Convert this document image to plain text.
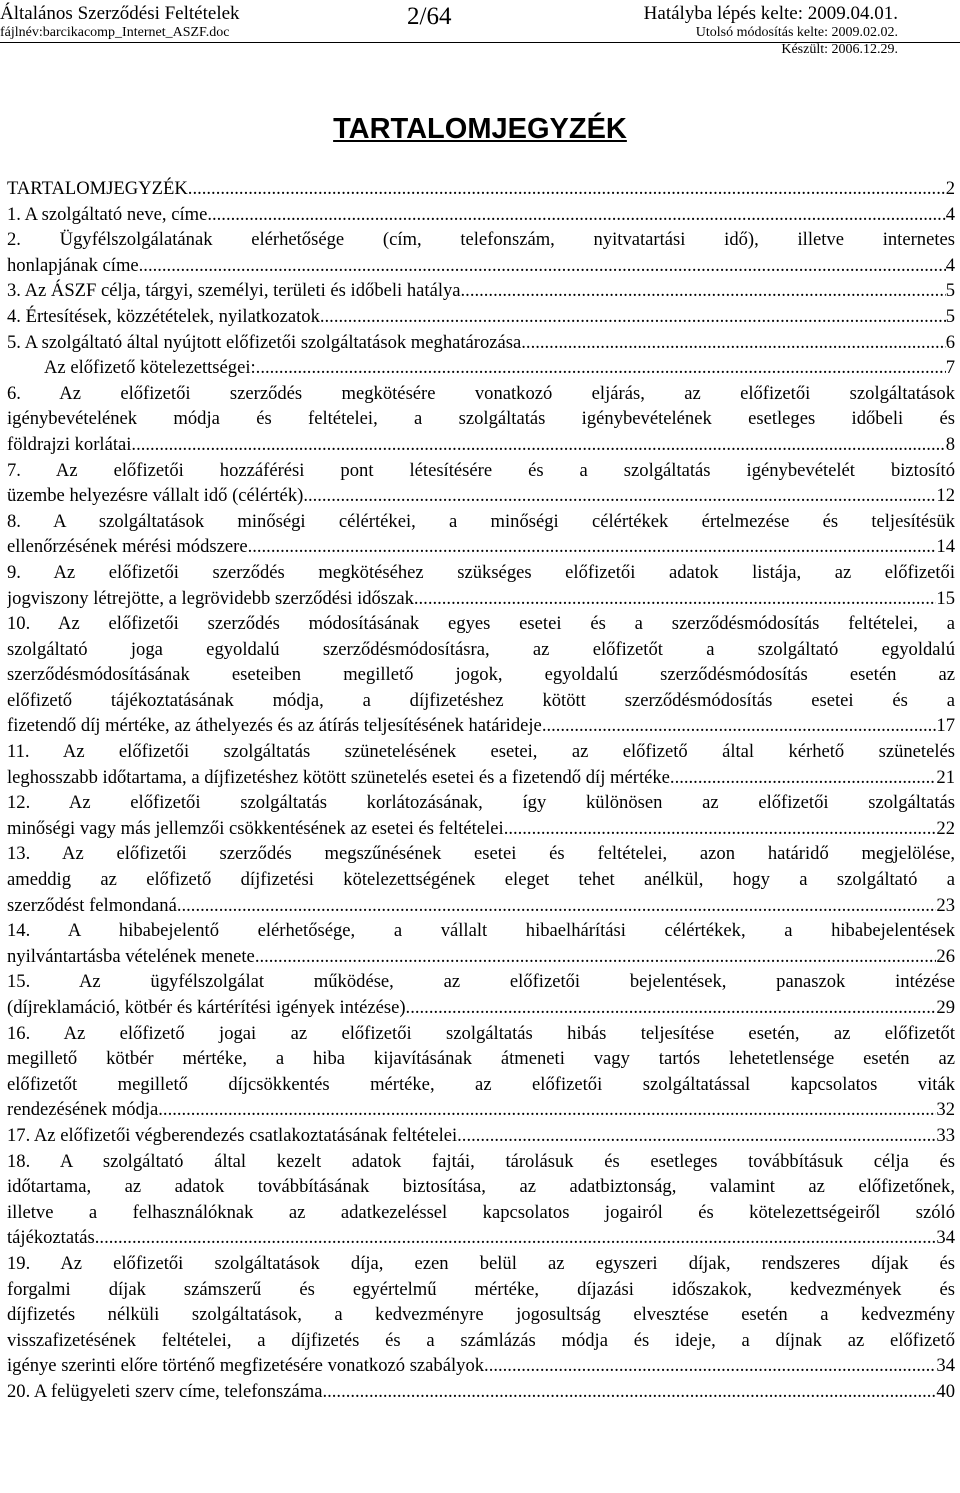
Általános Szerződési Feltételek
fájlnév:barcikacomp_Internet_ASZF.doc
2/64	Hatályba lépés kelte: 2009.04.01.
Utolsó módosítás kelte: 2009.02.02.
Készült: 2006.12.29.
TARTALOMJEGYZÉK
TARTALOMJEGYZÉK .....	2
1. A szolgáltató neve, címe .....	4
2. Ügyfélszolgálatának elérhetősége (cím, telefonszám, nyitvatartási idő), illetve internetes
honlapjának címe .....	4
3. Az ÁSZF célja, tárgyi, személyi, területi és időbeli hatálya .....	5
4. Értesítések, közzétételek, nyilatkozatok .....	5
5. A szolgáltató által nyújtott előfizetői szolgáltatások meghatározása .....	6
Az előfizető kötelezettségei: .....	7
6. Az előfizetői szerződés megkötésére vonatkozó eljárás, az előfizetői szolgáltatások
igénybevételének módja és feltételei, a szolgáltatás igénybevételének esetleges időbeli és
földrajzi korlátai .....	8
7. Az előfizetői hozzáférési pont létesítésére és a szolgáltatás igénybevételét biztosító
üzembe helyezésre vállalt idő (célérték) .....	12
8. A szolgáltatások minőségi célértékei, a minőségi célértékek értelmezése és teljesítésük
ellenőrzésének mérési módszere .....	14
9. Az előfizetői szerződés megkötéséhez szükséges előfizetői adatok listája, az előfizetői
jogviszony létrejötte, a legrövidebb szerződési időszak .....	15
10. Az előfizetői szerződés módosításának egyes esetei és a szerződésmódosítás feltételei, a
szolgáltató joga egyoldalú szerződésmódosításra, az előfizetőt a szolgáltató egyoldalú
szerződésmódosításának eseteiben megillető jogok, egyoldalú szerződésmódosítás esetén az
előfizető tájékoztatásának módja, a díjfizetéshez kötött szerződésmódosítás esetei és a
fizetendő díj mértéke, az áthelyezés és az átírás teljesítésének határideje .....	17
11. Az előfizetői szolgáltatás szünetelésének esetei, az előfizető által kérhető szünetelés
leghosszabb időtartama, a díjfizetéshez kötött szünetelés esetei és a fizetendő díj mértéke .....	21
12. Az előfizetői szolgáltatás korlátozásának, így különösen az előfizetői szolgáltatás
minőségi vagy más jellemzői csökkentésének az esetei és feltételei .....	22
13. Az előfizetői szerződés megszűnésének esetei és feltételei, azon határidő megjelölése,
ameddig az előfizető díjfizetési kötelezettségének eleget tehet anélkül, hogy a szolgáltató a
szerződést felmondaná .....	23
14. A hibabejelentő elérhetősége, a vállalt hibaelhárítási célértékek, a hibabejelentések
nyilvántartásba vételének menete .....	26
15. Az ügyfélszolgálat működése, az előfizetői bejelentések, panaszok intézése
(díjreklamáció, kötbér és kártérítési igények intézése). .....	29
16. Az előfizető jogai az előfizetői szolgáltatás hibás teljesítése esetén, az előfizetőt
megillető kötbér mértéke, a hiba kijavításának átmeneti vagy tartós lehetetlensége esetén az
előfizetőt megillető díjcsökkentés mértéke, az előfizetői szolgáltatással kapcsolatos viták
rendezésének módja .....	32
17. Az előfizetői végberendezés csatlakoztatásának feltételei .....	33
18. A szolgáltató által kezelt adatok fajtái, tárolásuk és esetleges továbbításuk célja és
időtartama, az adatok továbbításának biztosítása, az adatbiztonság, valamint az előfizetőnek,
illetve a felhasználóknak az adatkezeléssel kapcsolatos jogairól és kötelezettségeiről szóló
tájékoztatás .....	34
19. Az előfizetői szolgáltatások díja, ezen belül az egyszeri díjak, rendszeres díjak és
forgalmi díjak számszerű és egyértelmű mértéke, díjazási időszakok, kedvezmények és
díjfizetés nélküli szolgáltatások, a kedvezményre jogosultság elvesztése esetén a kedvezmény
visszafizetésének feltételei, a díjfizetés és a számlázás módja és ideje, a díjnak az előfizető
igénye szerinti előre történő megfizetésére vonatkozó szabályok .....	34
20. A felügyeleti szerv címe, telefonszáma .....	40
